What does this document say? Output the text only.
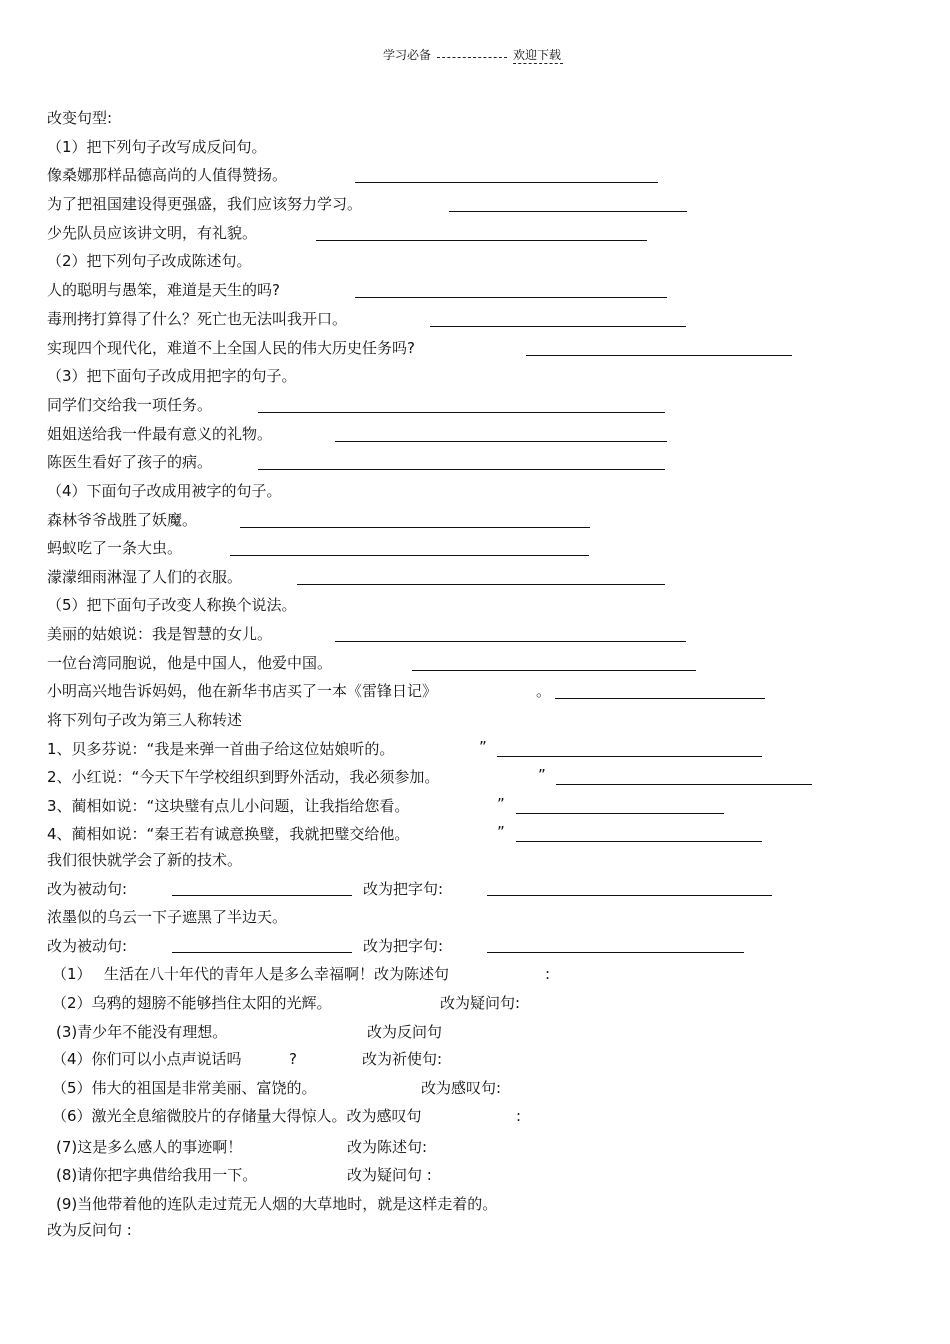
学习必备	欢迎下载
改变句型:
（1）把下列句子改写成反问句。
像桑娜那样品德高尚的人值得赞扬。
为了把祖国建设得更强盛，我们应该努力学习。
少先队员应该讲文明，有礼貌。
（2）把下列句子改成陈述句。
人的聪明与愚笨，难道是天生的吗?
毒刑拷打算得了什么？死亡也无法叫我开口。
实现四个现代化，难道不上全国人民的伟大历史任务吗?
（3）把下面句子改成用把字的句子。
同学们交给我一项任务。
姐姐送给我一件最有意义的礼物。
陈医生看好了孩子的病。
（4）下面句子改成用被字的句子。
森林爷爷战胜了妖魔。
蚂蚁吃了一条大虫。
濛濛细雨淋湿了人们的衣服。
（5）把下面句子改变人称换个说法。
美丽的姑娘说：我是智慧的女儿。
一位台湾同胞说，他是中国人，他爱中国。
小明高兴地告诉妈妈，他在新华书店买了一本《雷锋日记》	。
将下列句子改为第三人称转述
1、贝多芬说：“我是来弹一首曲子给这位姑娘听的。	”
2、小红说：“今天下午学校组织到野外活动，我必须参加。	”
3、蔺相如说：“这块璧有点儿小问题，让我指给您看。	”
4、蔺相如说：“秦王若有诚意换璧，我就把璧交给他。	”
我们很快就学会了新的技术。
改为被动句:	改为把字句:
浓墨似的乌云一下子遮黑了半边天。
改为被动句:	改为把字句:
（1） 生活在八十年代的青年人是多么幸福啊！改为陈述句	:
（2）乌鸦的翅膀不能够挡住太阳的光辉。	改为疑问句:
(3)青少年不能没有理想。	改为反问句
（4）你们可以小点声说话吗	?	改为祈使句:
（5）伟大的祖国是非常美丽、富饶的。	改为感叹句:
（6）激光全息缩微胶片的存储量大得惊人。改为感叹句	:
(7)这是多么感人的事迹啊！	改为陈述句:
(8)请你把字典借给我用一下。	改为疑问句 :
(9)当他带着他的连队走过荒无人烟的大草地时，就是这样走着的。
改为反问句 :
